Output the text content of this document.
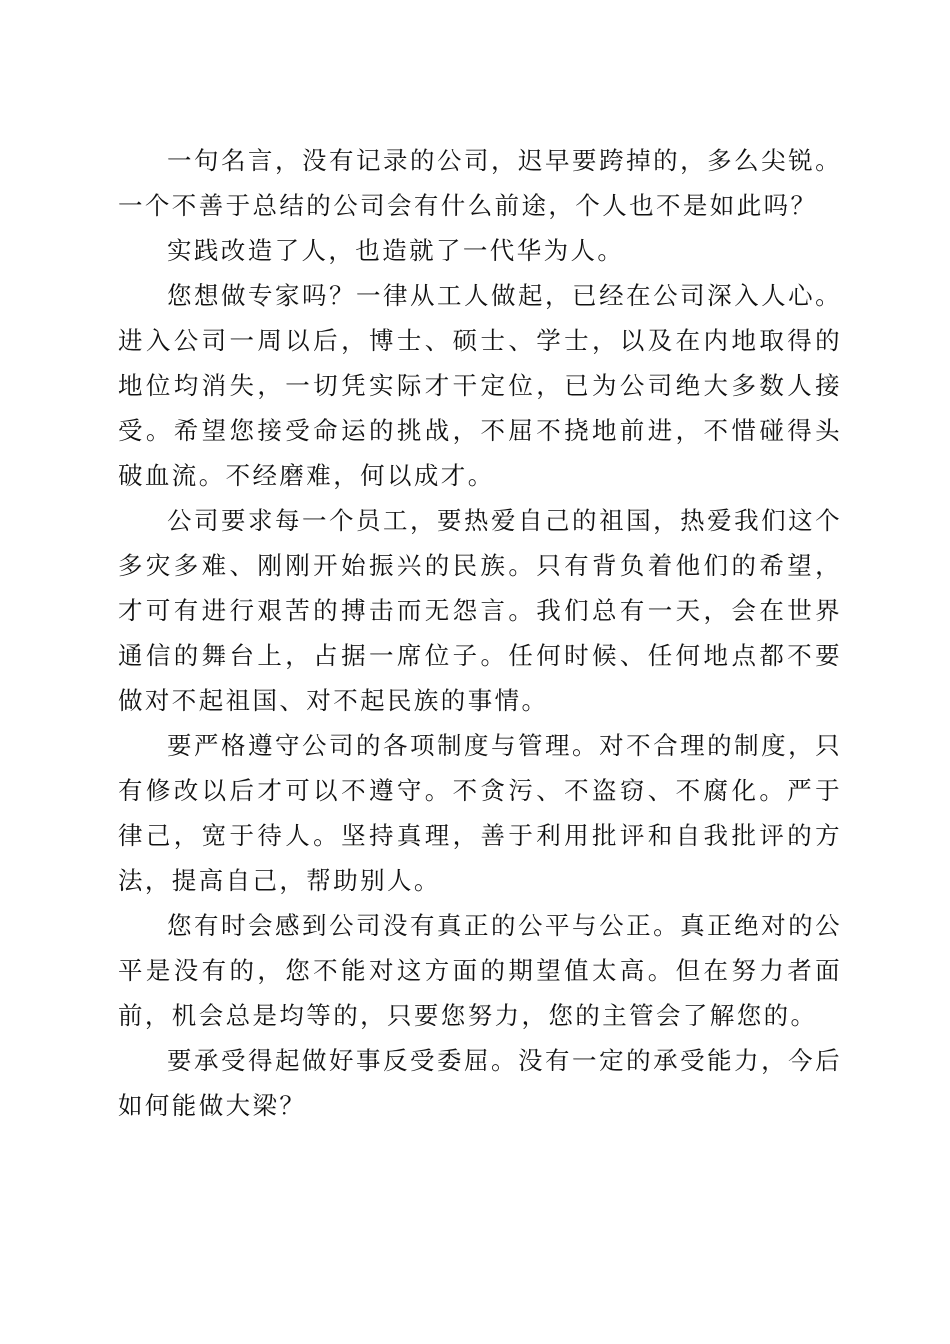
一句名言，没有记录的公司，迟早要跨掉的，多么尖锐。一个不善于总结的公司会有什么前途，个人也不是如此吗？

实践改造了人，也造就了一代华为人。

您想做专家吗？一律从工人做起，已经在公司深入人心。进入公司一周以后，博士、硕士、学士，以及在内地取得的地位均消失，一切凭实际才干定位，已为公司绝大多数人接受。希望您接受命运的挑战，不屈不挠地前进，不惜碰得头破血流。不经磨难，何以成才。

公司要求每一个员工，要热爱自己的祖国，热爱我们这个多灾多难、刚刚开始振兴的民族。只有背负着他们的希望，才可有进行艰苦的搏击而无怨言。我们总有一天，会在世界通信的舞台上，占据一席位子。任何时候、任何地点都不要做对不起祖国、对不起民族的事情。

要严格遵守公司的各项制度与管理。对不合理的制度，只有修改以后才可以不遵守。不贪污、不盗窃、不腐化。严于律己，宽于待人。坚持真理，善于利用批评和自我批评的方法，提高自己，帮助别人。

您有时会感到公司没有真正的公平与公正。真正绝对的公平是没有的，您不能对这方面的期望值太高。但在努力者面前，机会总是均等的，只要您努力，您的主管会了解您的。

要承受得起做好事反受委屈。没有一定的承受能力，今后如何能做大梁？
